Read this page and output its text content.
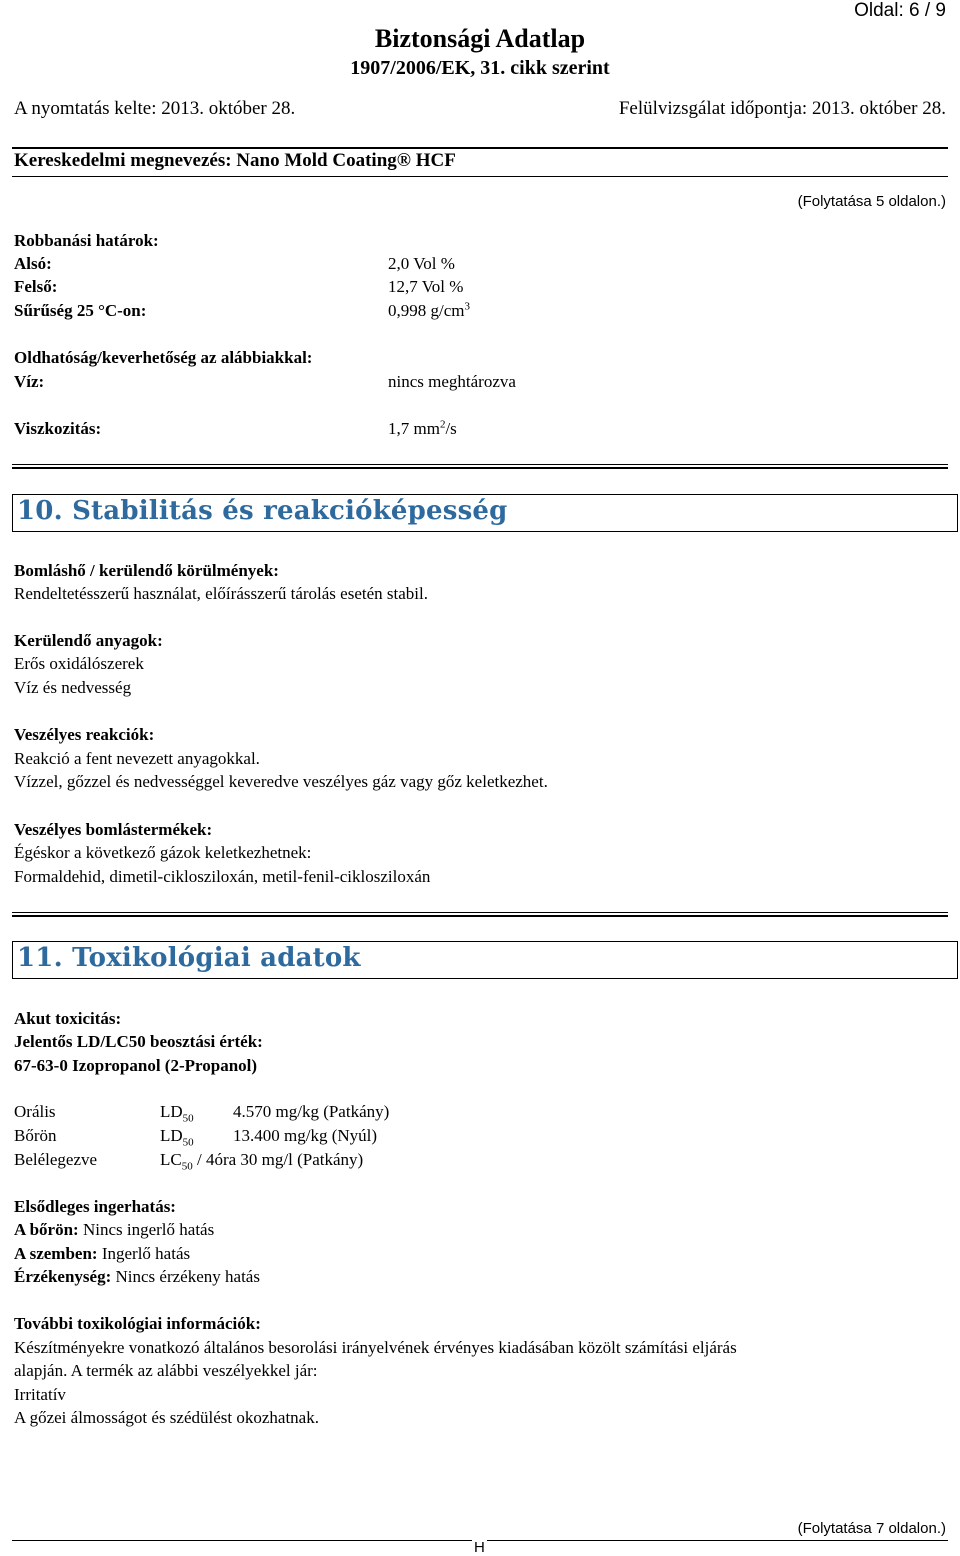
Oldal: 6 / 9
Biztonsági Adatlap
1907/2006/EK, 31. cikk szerint
A nyomtatás kelte: 2013. október 28.	Felülvizsgálat időpontja: 2013. október 28.
Kereskedelmi megnevezés: Nano Mold Coating® HCF
(Folytatása 5 oldalon.)
Robbanási határok:
Alsó:	2,0 Vol %
Felső:	12,7 Vol %
Sűrűség 25 °C-on:	0,998 $g/cm^3$
Oldhatóság/keverhetőség az alábbiakkal:
Víz:	nincs meghtározva
Viszkozitás:	1,7 $mm^2/s$
10. Stabilitás és reakcióképesség
Bomláshő / kerülendő körülmények:
Rendeltetésszerű használat, előírásszerű tárolás esetén stabil.
Kerülendő anyagok:
Erős oxidálószerek
Víz és nedvesség
Veszélyes reakciók:
Reakció a fent nevezett anyagokkal.
Vízzel, gőzzel és nedvességgel keveredve veszélyes gáz vagy gőz keletkezhet.
Veszélyes bomlástermékek:
Égéskor a következő gázok keletkezhetnek:
Formaldehid, dimetil-cikloszilоxán, metil-fenil-cikloszilоxán
11. Toxikológiai adatok
Akut toxicitás:
Jelentős LD/LC50 beosztási érték:
67-63-0 Izopropanol (2-Propanol)
Orális	$LD_{50}$ 4.570 mg/kg (Patkány)
Bőrön	$LD_{50}$ 13.400 mg/kg (Nyúl)
Belélegezve	$LC_{50}$ / 4óra 30 mg/l (Patkány)
Elsődleges ingerhatás:
A bőrön: Nincs ingerlő hatás
A szemben: Ingerlő hatás
Érzékenység: Nincs érzékeny hatás
További toxikológiai információk:
Készítményekre vonatkozó általános besorolási irányelvének érvényes kiadásában közölt számítási eljárás
alapján. A termék az alábbi veszélyekkel jár:
Irritatív
A gőzei álmosságot és szédülést okozhatnak.
(Folytatása 7 oldalon.)
H
